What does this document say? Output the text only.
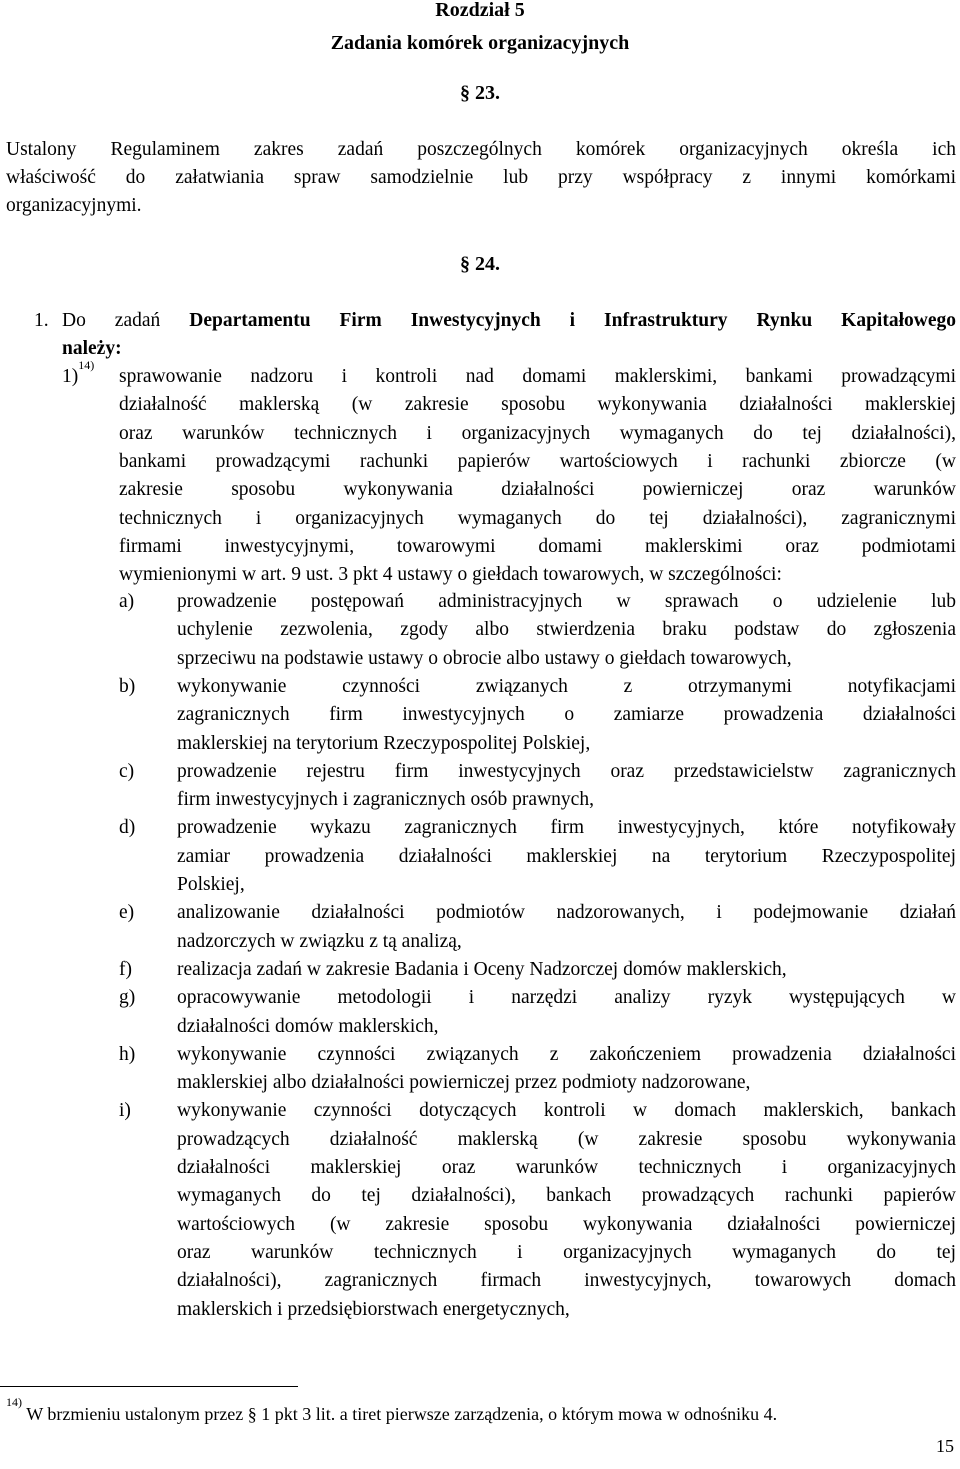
Rozdział 5
Zadania komórek organizacyjnych
§ 23.
Ustalony Regulaminem zakres zadań poszczególnych komórek organizacyjnych określa ich
właściwość do załatwiania spraw samodzielnie lub przy współpracy z innymi komórkami
organizacyjnymi.
§ 24.
1. Do zadań Departamentu Firm Inwestycyjnych i Infrastruktury Rynku Kapitałowego
należy:
1)$^{14)}$
sprawowanie nadzoru i kontroli nad domami maklerskimi, bankami prowadzącymi
działalność maklerską (w zakresie sposobu wykonywania działalności maklerskiej
oraz warunków technicznych i organizacyjnych wymaganych do tej działalności),
bankami prowadzącymi rachunki papierów wartościowych i rachunki zbiorcze (w
zakresie sposobu wykonywania działalności powierniczej oraz warunków
technicznych i organizacyjnych wymaganych do tej działalności), zagranicznymi
firmami inwestycyjnymi, towarowymi domami maklerskimi oraz podmiotami
wymienionymi w art. 9 ust. 3 pkt 4 ustawy o giełdach towarowych, w szczególności:
a) prowadzenie postępowań administracyjnych w sprawach o udzielenie lub
uchylenie zezwolenia, zgody albo stwierdzenia braku podstaw do zgłoszenia
sprzeciwu na podstawie ustawy o obrocie albo ustawy o giełdach towarowych,
b) wykonywanie czynności związanych z otrzymanymi notyfikacjami
zagranicznych firm inwestycyjnych o zamiarze prowadzenia działalności
maklerskiej na terytorium Rzeczypospolitej Polskiej,
c) prowadzenie rejestru firm inwestycyjnych oraz przedstawicielstw zagranicznych
firm inwestycyjnych i zagranicznych osób prawnych,
d) prowadzenie wykazu zagranicznych firm inwestycyjnych, które notyfikowały
zamiar prowadzenia działalności maklerskiej na terytorium Rzeczypospolitej
Polskiej,
e) analizowanie działalności podmiotów nadzorowanych, i podejmowanie działań
nadzorczych w związku z tą analizą,
f) realizacja zadań w zakresie Badania i Oceny Nadzorczej domów maklerskich,
g) opracowywanie metodologii i narzędzi analizy ryzyk występujących w
działalności domów maklerskich,
h) wykonywanie czynności związanych z zakończeniem prowadzenia działalności
maklerskiej albo działalności powierniczej przez podmioty nadzorowane,
i) wykonywanie czynności dotyczących kontroli w domach maklerskich, bankach
prowadzących działalność maklerską (w zakresie sposobu wykonywania
działalności maklerskiej oraz warunków technicznych i organizacyjnych
wymaganych do tej działalności), bankach prowadzących rachunki papierów
wartościowych (w zakresie sposobu wykonywania działalności powierniczej
oraz warunków technicznych i organizacyjnych wymaganych do tej
działalności), zagranicznych firmach inwestycyjnych, towarowych domach
maklerskich i przedsiębiorstwach energetycznych,
$^{14)}$ W brzmieniu ustalonym przez § 1 pkt 3 lit. a tiret pierwsze zarządzenia, o którym mowa w odnośniku 4.
15
